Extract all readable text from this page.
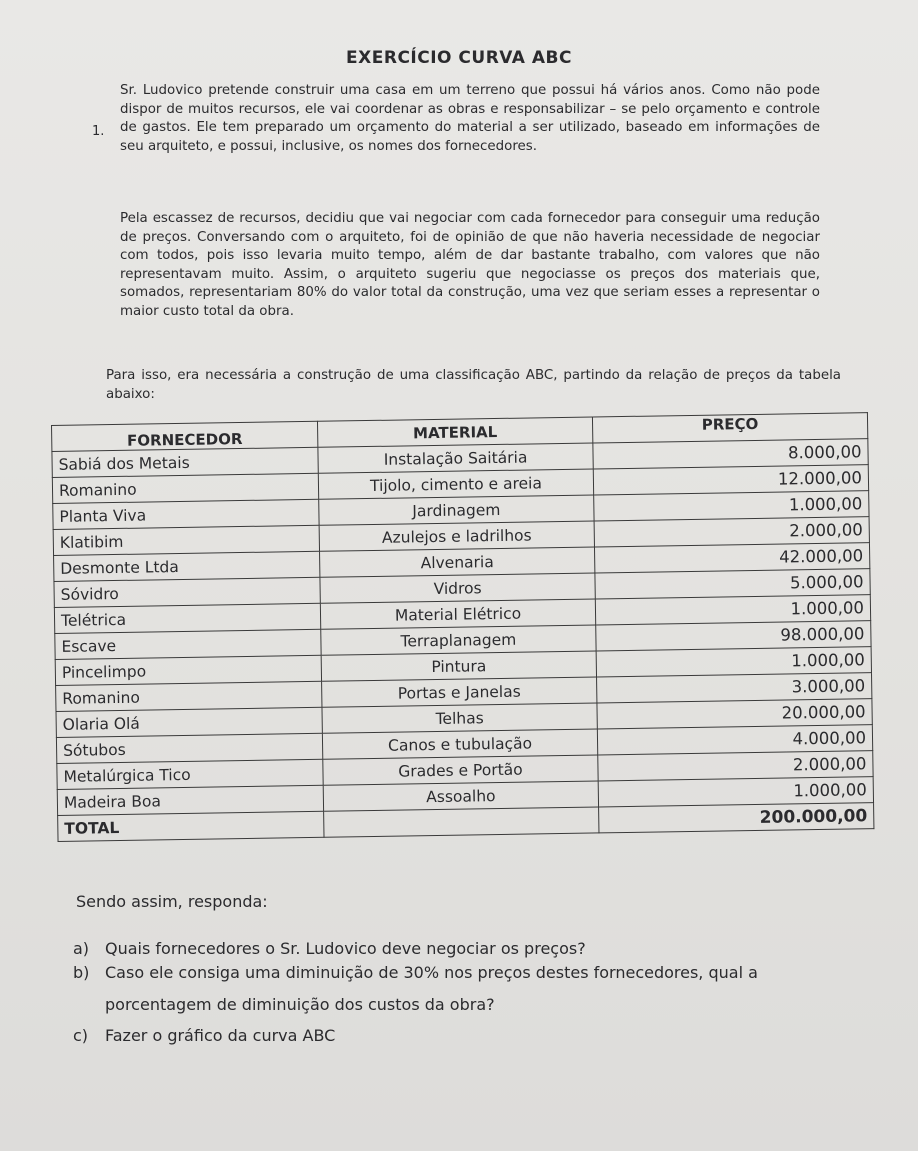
EXERCÍCIO CURVA ABC
1.
Sr. Ludovico pretende construir uma casa em um terreno que possui há vários anos. Como não pode dispor de muitos recursos, ele vai coordenar as obras e responsabilizar – se pelo orçamento e controle de gastos. Ele tem preparado um orçamento do material a ser utilizado, baseado em informações de seu arquiteto, e possui, inclusive, os nomes dos fornecedores.
Pela escassez de recursos, decidiu que vai negociar com cada fornecedor para conseguir uma redução de preços. Conversando com o arquiteto, foi de opinião de que não haveria necessidade de negociar com todos, pois isso levaria muito tempo, além de dar bastante trabalho, com valores que não representavam muito. Assim, o arquiteto sugeriu que negociasse os preços dos materiais que, somados, representariam 80% do valor total da construção, uma vez que seriam esses a representar o maior custo total da obra.
Para isso, era necessária a construção de uma classificação ABC, partindo da relação de preços da tabela abaixo:
FORNECEDOR	MATERIAL	PREÇO
Sabiá dos Metais	Instalação Saitária	8.000,00
Romanino	Tijolo, cimento e areia	12.000,00
Planta Viva	Jardinagem	1.000,00
Klatibim	Azulejos e ladrilhos	2.000,00
Desmonte Ltda	Alvenaria	42.000,00
Sóvidro	Vidros	5.000,00
Telétrica	Material Elétrico	1.000,00
Escave	Terraplanagem	98.000,00
Pincelimpo	Pintura	1.000,00
Romanino	Portas e Janelas	3.000,00
Olaria Olá	Telhas	20.000,00
Sótubos	Canos e tubulação	4.000,00
Metalúrgica Tico	Grades e Portão	2.000,00
Madeira Boa	Assoalho	1.000,00
TOTAL		200.000,00
Sendo assim, responda:
a) Quais fornecedores o Sr. Ludovico deve negociar os preços?
b) Caso ele consiga uma diminuição de 30% nos preços destes fornecedores, qual a
porcentagem de diminuição dos custos da obra?
c) Fazer o gráfico da curva ABC
